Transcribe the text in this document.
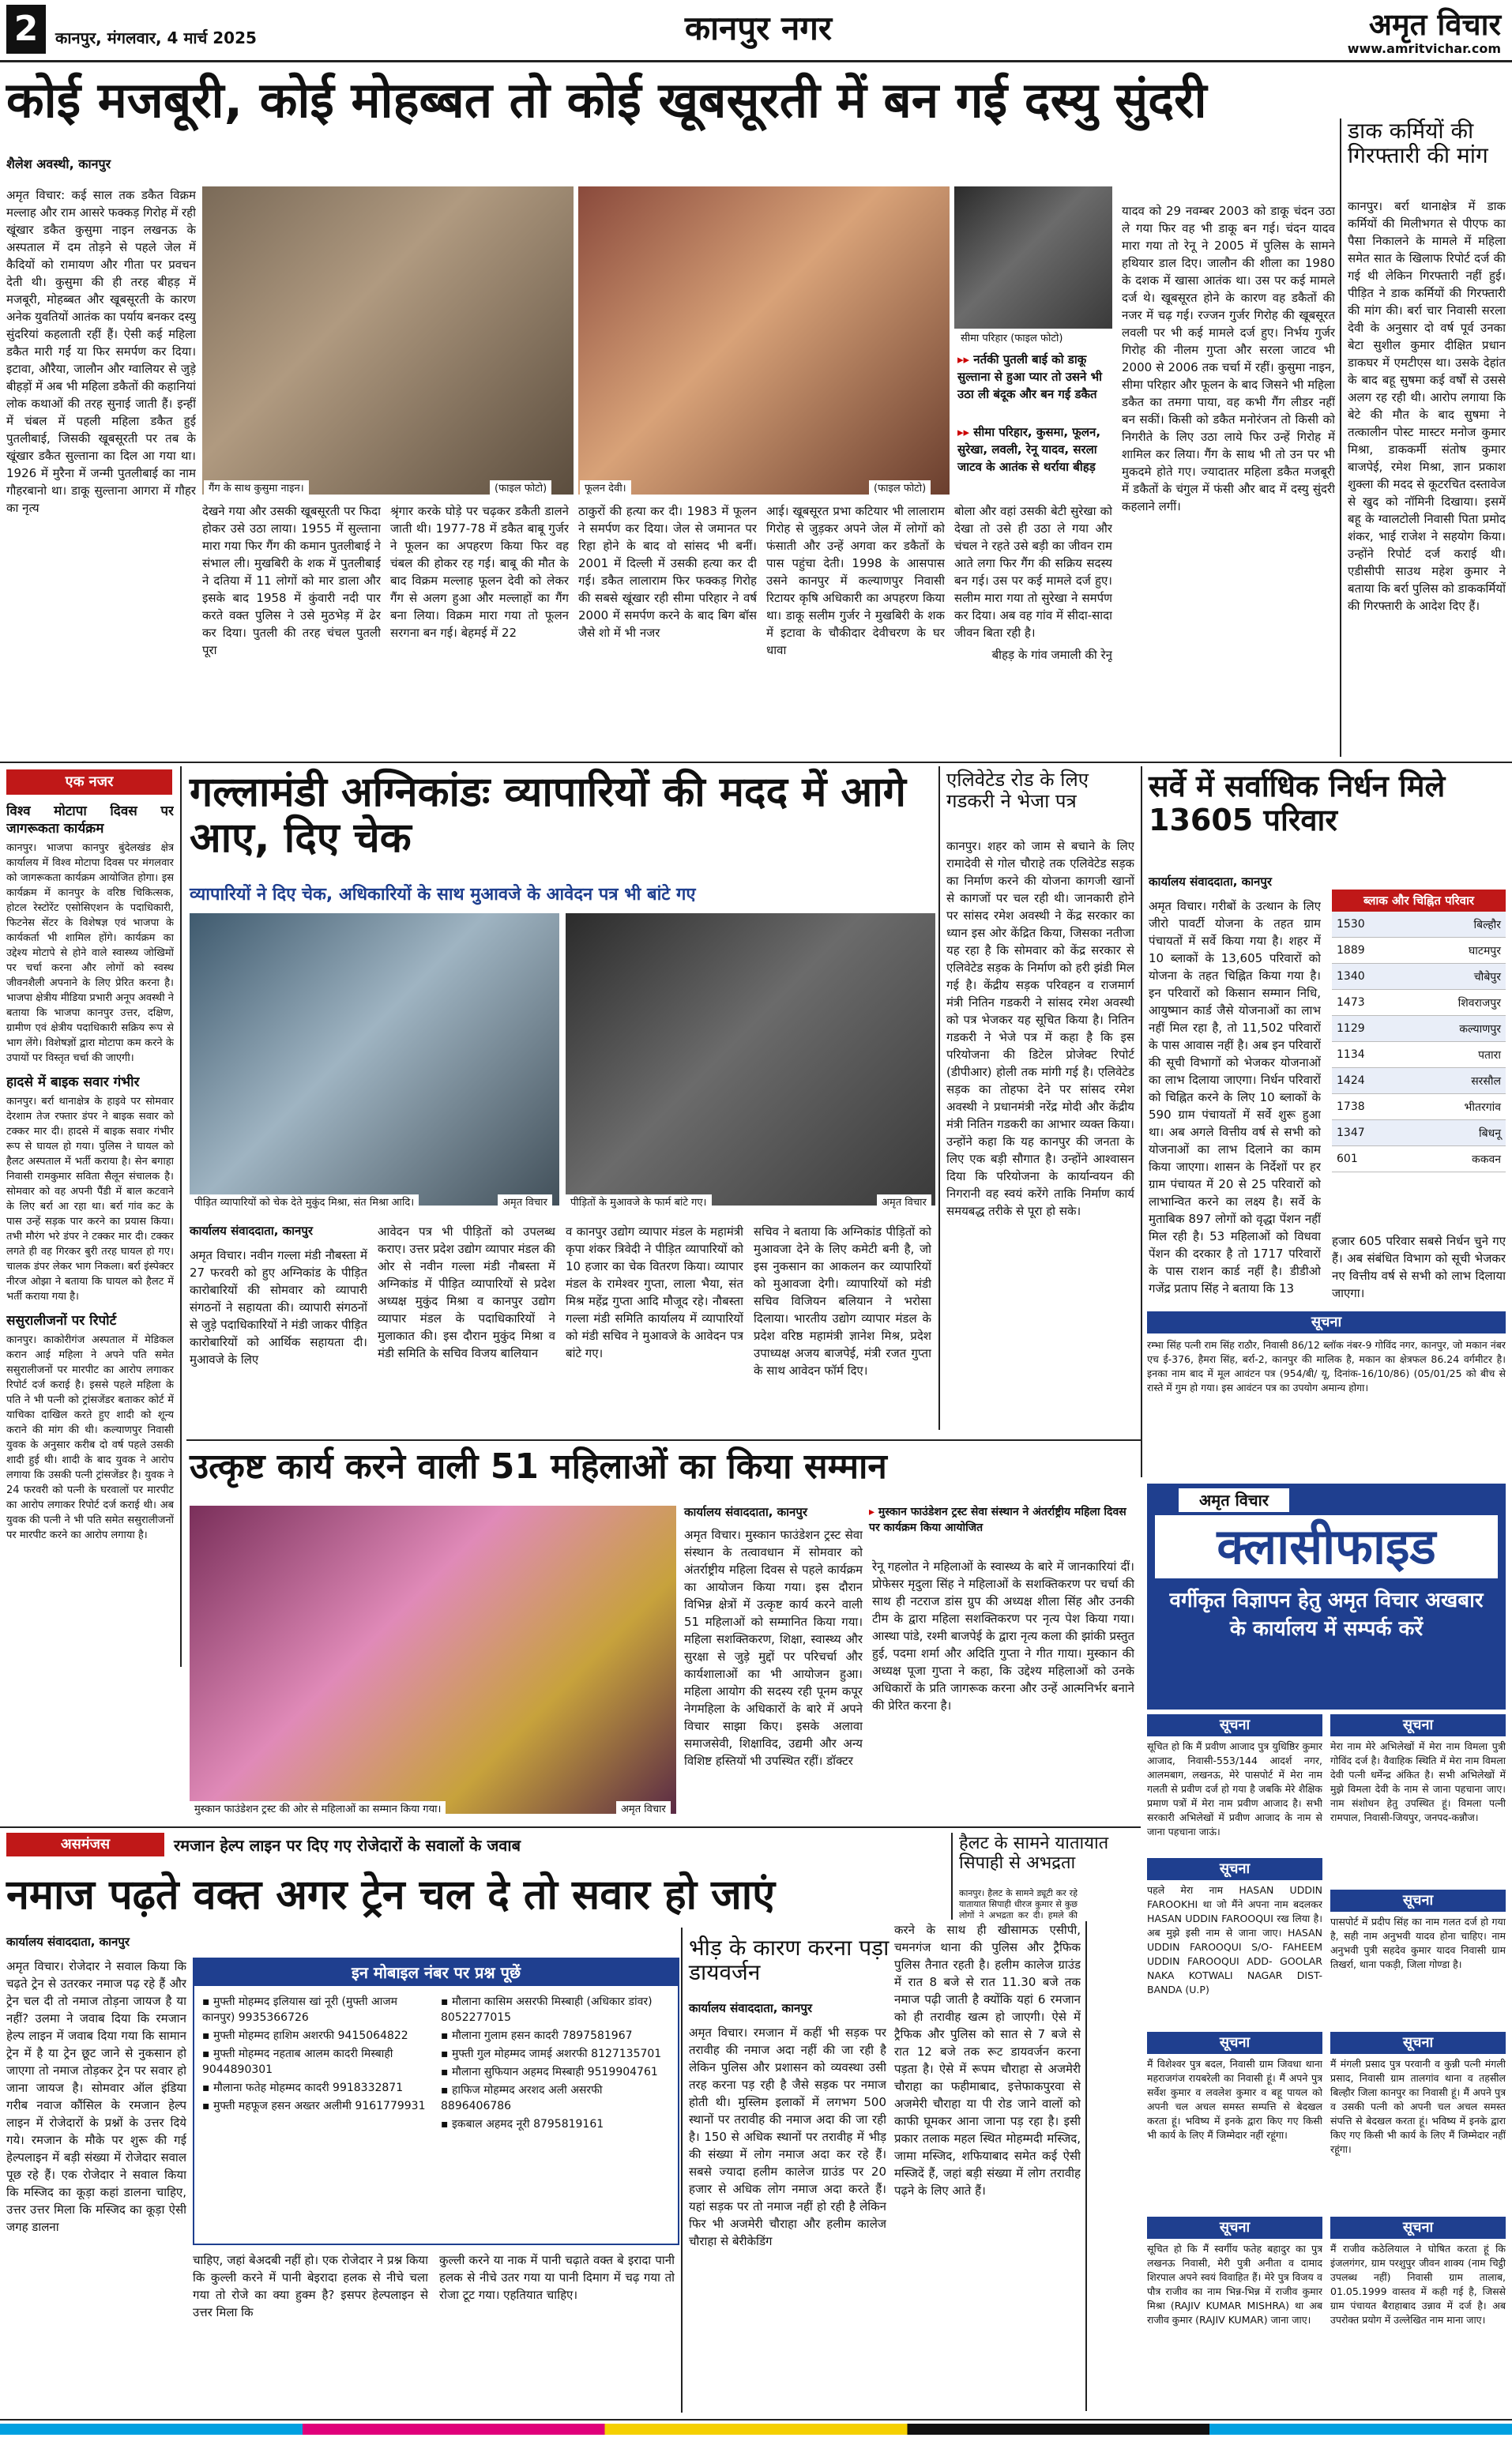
2	कानपुर, मंगलवार, 4 मार्च 2025	कानपुर नगर	अमृत विचार
www.amritvichar.com
कोई मजबूरी, कोई मोहब्बत तो कोई खूबसूरती में बन गई दस्यु सुंदरी
शैलेश अवस्थी, कानपुर
अमृत विचार: कई साल तक डकैत विक्रम मल्लाह और राम आसरे फक्कड़ गिरोह में रही खूंखार डकैत कुसुमा नाइन लखनऊ के अस्पताल में दम तोड़ने से पहले जेल में कैदियों को रामायण और गीता पर प्रवचन देती थी। कुसुमा की ही तरह बीहड़ में मजबूरी, मोहब्बत और खूबसूरती के कारण अनेक युवतियों आतंक का पर्याय बनकर दस्यु सुंदरियां कहलाती रहीं हैं। ऐसी कई महिला डकैत मारी गईं या फिर समर्पण कर दिया। इटावा, औरैया, जालौन और ग्वालियर से जुड़े बीहड़ों में अब भी महिला डकैतों की कहानियां लोक कथाओं की तरह सुनाई जाती हैं। इन्हीं में चंबल में पहली महिला डकैत हुई पुतलीबाई, जिसकी खूबसूरती पर तब के खूंखार डकैत सुल्ताना का दिल आ गया था। 1926 में मुरैना में जन्मी पुतलीबाई का नाम गौहरबानो था। डाकू सुल्ताना आगरा में गौहर का नृत्य
गैंग के साथ कुसुमा नाइन।	(फाइल फोटो)	फूलन देवी।	(फाइल फोटो)
सीमा परिहार (फाइल फोटो)
▸▸ नर्तकी पुतली बाई को डाकू सुल्ताना से हुआ प्यार तो उसने भी उठा ली बंदूक और बन गई डकैत
▸▸ सीमा परिहार, कुसमा, फूलन, सुरेखा, लवली, रेनू यादव, सरला जाटव के आतंक से थर्राया बीहड़
देखने गया और उसकी खूबसूरती पर फिदा होकर उसे उठा लाया। 1955 में सुल्ताना मारा गया फिर गैंग की कमान पुतलीबाई ने संभाल ली। मुखबिरी के शक में पुतलीबाई ने दतिया में 11 लोगों को मार डाला और इसके बाद 1958 में कुंवारी नदी पार करते वक्त पुलिस ने उसे मुठभेड़ में ढेर कर दिया। पुतली की तरह चंचल पुतली पूरा
श्रृंगार करके घोड़े पर चढ़कर डकैती डालने जाती थी। 1977-78 में डकैत बाबू गुर्जर ने फूलन का अपहरण किया फिर वह चंबल की होकर रह गई। बाबू की मौत के बाद विक्रम मल्लाह फूलन देवी को लेकर गैंग से अलग हुआ और मल्लाहों का गैंग बना लिया। विक्रम मारा गया तो फूलन सरगना बन गई। बेहमई में 22
ठाकुरों की हत्या कर दी। 1983 में फूलन ने समर्पण कर दिया। जेल से जमानत पर रिहा होने के बाद वो सांसद भी बनीं। 2001 में दिल्ली में उसकी हत्या कर दी गई। डकैत लालाराम फिर फक्कड़ गिरोह की सबसे खूंखार रही सीमा परिहार ने वर्ष 2000 में समर्पण करने के बाद बिग बॉस जैसे शो में भी नजर
आई। खूबसूरत प्रभा कटियार भी लालाराम गिरोह से जुड़कर अपने जेल में लोगों को फंसाती और उन्हें अगवा कर डकैतों के पास पहुंचा देती। 1998 के आसपास उसने कानपुर में कल्याणपुर निवासी रिटायर कृषि अधिकारी का अपहरण किया था। डाकू सलीम गुर्जर ने मुखबिरी के शक में इटावा के चौकीदार देवीचरण के घर धावा

बोला और वहां उसकी बेटी सुरेखा को देखा तो उसे ही उठा ले गया और चंचल ने रहते उसे बड़ी का जीवन राम आते लगा फिर गैंग की सक्रिय सदस्य बन गई। उस पर कई मामले दर्ज हुए। सलीम मारा गया तो सुरेखा ने समर्पण कर दिया। अब वह गांव में सीदा-सादा जीवन बिता रही है।

बीहड़ के गांव जमाली की रेनू

यादव को 29 नवम्बर 2003 को डाकू चंदन उठा ले गया फिर वह भी डाकू बन गई। चंदन यादव मारा गया तो रेनू ने 2005 में पुलिस के सामने हथियार डाल दिए। जालौन की शीला का 1980 के दशक में खासा आतंक था। उस पर कई मामले दर्ज थे। खूबसूरत होने के कारण वह डकैतों की नजर में चढ़ गई। रज्जन गुर्जर गिरोह की खूबसूरत लवली पर भी कई मामले दर्ज हुए। निर्भय गुर्जर गिरोह की नीलम गुप्ता और सरला जाटव भी 2000 से 2006 तक चर्चा में रहीं। कुसुमा नाइन, सीमा परिहार और फूलन के बाद जिसने भी महिला डकैत का तमगा पाया, वह कभी गैंग लीडर नहीं बन सकीं। किसी को डकैत मनोरंजन तो किसी को निगरीते के लिए उठा लाये फिर उन्हें गिरोह में शामिल कर लिया। गैंग के साथ भी तो उन पर भी मुकदमे होते गए। ज्यादातर महिला डकैत मजबूरी में डकैतों के चंगुल में फंसी और बाद में दस्यु सुंदरी कहलाने लगीं।
डाक कर्मियों की गिरफ्तारी की मांग
कानपुर। बर्रा थानाक्षेत्र में डाक कर्मियों की मिलीभगत से पीएफ का पैसा निकालने के मामले में महिला समेत सात के खिलाफ रिपोर्ट दर्ज की गई थी लेकिन गिरफ्तारी नहीं हुई। पीड़ित ने डाक कर्मियों की गिरफ्तारी की मांग की। बर्रा चार निवासी सरला देवी के अनुसार दो वर्ष पूर्व उनका बेटा सुशील कुमार दीक्षित प्रधान डाकघर में एमटीएस था। उसके देहांत के बाद बहू सुषमा कई वर्षों से उससे अलग रह रही थी। आरोप लगाया कि बेटे की मौत के बाद सुषमा ने तत्कालीन पोस्ट मास्टर मनोज कुमार मिश्रा, डाककर्मी संतोष कुमार बाजपेई, रमेश मिश्रा, ज्ञान प्रकाश शुक्ला की मदद से कूटरचित दस्तावेज से खुद को नॉमिनी दिखाया। इसमें बहू के ग्वालटोली निवासी पिता प्रमोद शंकर, भाई राजेश ने सहयोग किया। उन्होंने रिपोर्ट दर्ज कराई थी। एडीसीपी साउथ महेश कुमार ने बताया कि बर्रा पुलिस को डाककर्मियों की गिरफ्तारी के आदेश दिए हैं।
एक नजर
विश्व मोटापा दिवस पर जागरूकता कार्यक्रम
कानपुर। भाजपा कानपुर बुंदेलखंड क्षेत्र कार्यालय में विश्व मोटापा दिवस पर मंगलवार को जागरूकता कार्यक्रम आयोजित होगा। इस कार्यक्रम में कानपुर के वरिष्ठ चिकित्सक, होटल रेस्टोरेंट एसोसिएशन के पदाधिकारी, फिटनेस सेंटर के विशेषज्ञ एवं भाजपा के कार्यकर्ता भी शामिल होंगे। कार्यक्रम का उद्देश्य मोटापे से होने वाले स्वास्थ्य जोखिमों पर चर्चा करना और लोगों को स्वस्थ जीवनशैली अपनाने के लिए प्रेरित करना है। भाजपा क्षेत्रीय मीडिया प्रभारी अनूप अवस्थी ने बताया कि भाजपा कानपुर उत्तर, दक्षिण, ग्रामीण एवं क्षेत्रीय पदाधिकारी सक्रिय रूप से भाग लेंगे। विशेषज्ञों द्वारा मोटापा कम करने के उपायों पर विस्तृत चर्चा की जाएगी।
हादसे में बाइक सवार गंभीर
कानपुर। बर्रा थानाक्षेत्र के हाइवे पर सोमवार देरशाम तेज रफ्तार डंपर ने बाइक सवार को टक्कर मार दी। हादसे में बाइक सवार गंभीर रूप से घायल हो गया। पुलिस ने घायल को हैलट अस्पताल में भर्ती कराया है। सेन बगाहा निवासी रामकुमार सविता सैलून संचालक है। सोमवार को वह अपनी पैंडी में बाल कटवाने के लिए बर्रा आ रहा था। बर्रा गांव कट के पास उन्हें सड़क पार करने का प्रयास किया। तभी मौरंग भरे डंपर ने टक्कर मार दी। टक्कर लगते ही वह गिरकर बुरी तरह घायल हो गए। चालक डंपर लेकर भाग निकला। बर्रा इंस्पेक्टर नीरज ओझा ने बताया कि घायल को हैलट में भर्ती कराया गया है।
ससुरालीजनों पर रिपोर्ट
कानपुर। काकोरीगंज अस्पताल में मेडिकल करान आई महिला ने अपने पति समेत ससुरालीजनों पर मारपीट का आरोप लगाकर रिपोर्ट दर्ज कराई है। इससे पहले महिला के पति ने भी पत्नी को ट्रांसजेंडर बताकर कोर्ट में याचिका दाखिल करते हुए शादी को शून्य कराने की मांग की थी। कल्याणपुर निवासी युवक के अनुसार करीब दो वर्ष पहले उसकी शादी हुई थी। शादी के बाद युवक ने आरोप लगाया कि उसकी पत्नी ट्रांसजेंडर है। युवक ने 24 फरवरी को पत्नी के घरवालों पर मारपीट का आरोप लगाकर रिपोर्ट दर्ज कराई थी। अब युवक की पत्नी ने भी पति समेत ससुरालीजनों पर मारपीट करने का आरोप लगाया है।
गल्लामंडी अग्निकांडः व्यापारियों की मदद में आगे आए, दिए चेक
व्यापारियों ने दिए चेक, अधिकारियों के साथ मुआवजे के आवेदन पत्र भी बांटे गए
पीड़ित व्यापारियों को चेक देते मुकुंद मिश्रा, संत मिश्रा आदि।	अमृत विचार	पीड़ितों के मुआवजे के फार्म बांटे गए।	अमृत विचार
कार्यालय संवाददाता, कानपुर
अमृत विचार। नवीन गल्ला मंडी नौबस्ता में 27 फरवरी को हुए अग्निकांड के पीड़ित कारोबारियों की सोमवार को व्यापारी संगठनों ने सहायता की। व्यापारी संगठनों से जुड़े पदाधिकारियों ने मंडी जाकर पीड़ित कारोबारियों को आर्थिक सहायता दी। मुआवजे के लिए
आवेदन पत्र भी पीड़ितों को उपलब्ध कराए। उत्तर प्रदेश उद्योग व्यापार मंडल की ओर से नवीन गल्ला मंडी नौबस्ता में अग्निकांड में पीड़ित व्यापारियों से प्रदेश अध्यक्ष मुकुंद मिश्रा व कानपुर उद्योग व्यापार मंडल के पदाधिकारियों ने मुलाकात की। इस दौरान मुकुंद मिश्रा व मंडी समिति के सचिव विजय बालियान
व कानपुर उद्योग व्यापार मंडल के महामंत्री कृपा शंकर त्रिवेदी ने पीड़ित व्यापारियों को 10 हजार का चेक वितरण किया। व्यापार मंडल के रामेश्वर गुप्ता, लाला भैया, संत मिश्र महेंद्र गुप्ता आदि मौजूद रहे। नौबस्ता गल्ला मंडी समिति कार्यालय में व्यापारियों को मंडी सचिव ने मुआवजे के आवेदन पत्र बांटे गए।
सचिव ने बताया कि अग्निकांड पीड़ितों को मुआवजा देने के लिए कमेटी बनी है, जो इस नुकसान का आकलन कर व्यापारियों को मुआवजा देगी। व्यापारियों को मंडी सचिव विजियन बलियान ने भरोसा दिलाया। भारतीय उद्योग व्यापार मंडल के प्रदेश वरिष्ठ महामंत्री ज्ञानेश मिश्र, प्रदेश उपाध्यक्ष अजय बाजपेई, मंत्री रजत गुप्ता के साथ आवेदन फॉर्म दिए।
एलिवेटेड रोड के लिए गडकरी ने भेजा पत्र
कानपुर। शहर को जाम से बचाने के लिए रामादेवी से गोल चौराहे तक एलिवेटेड सड़क का निर्माण करने की योजना कागजी खानों से कागजों पर चल रही थी। जानकारी होने पर सांसद रमेश अवस्थी ने केंद्र सरकार का ध्यान इस ओर केंद्रित किया, जिसका नतीजा यह रहा है कि सोमवार को केंद्र सरकार से एलिवेटेड सड़क के निर्माण को हरी झंडी मिल गई है। केंद्रीय सड़क परिवहन व राजमार्ग मंत्री नितिन गडकरी ने सांसद रमेश अवस्थी को पत्र भेजकर यह सूचित किया है। नितिन गडकरी ने भेजे पत्र में कहा है कि इस परियोजना की डिटेल प्रोजेक्ट रिपोर्ट (डीपीआर) होली तक मांगी गई है। एलिवेटेड सड़क का तोहफा देने पर सांसद रमेश अवस्थी ने प्रधानमंत्री नरेंद्र मोदी और केंद्रीय मंत्री नितिन गडकरी का आभार व्यक्त किया। उन्होंने कहा कि यह कानपुर की जनता के लिए एक बड़ी सौगात है। उन्होंने आश्वासन दिया कि परियोजना के कार्यान्वयन की निगरानी वह स्वयं करेंगे ताकि निर्माण कार्य समयबद्ध तरीके से पूरा हो सके।
सर्वे में सर्वाधिक निर्धन मिले 13605 परिवार
कार्यालय संवाददाता, कानपुर
अमृत विचार। गरीबों के उत्थान के लिए जीरो पावर्टी योजना के तहत ग्राम पंचायतों में सर्वे किया गया है। शहर में 10 ब्लाकों के 13,605 परिवारों को योजना के तहत चिह्नित किया गया है। इन परिवारों को किसान सम्मान निधि, आयुष्मान कार्ड जैसे योजनाओं का लाभ नहीं मिल रहा है, तो 11,502 परिवारों के पास आवास नहीं है। अब इन परिवारों की सूची विभागों को भेजकर योजनाओं का लाभ दिलाया जाएगा। निर्धन परिवारों को चिह्नित करने के लिए 10 ब्लाकों के 590 ग्राम पंचायतों में सर्वे शुरू हुआ था। अब अगले वित्तीय वर्ष से सभी को योजनाओं का लाभ दिलाने का काम किया जाएगा। शासन के निर्देशों पर हर ग्राम पंचायत में 20 से 25 परिवारों को लाभान्वित करने का लक्ष्य है। सर्वे के मुताबिक 897 लोगों को वृद्धा पेंशन नहीं मिल रही है। 53 महिलाओं को विधवा पेंशन की दरकार है तो 1717 परिवारों के पास राशन कार्ड नहीं है। डीडीओ गजेंद्र प्रताप सिंह ने बताया कि 13
ब्लाक और चिह्नित परिवार
1530	बिल्हौर
1889	घाटमपुर
1340	चौबेपुर
1473	शिवराजपुर
1129	कल्याणपुर
1134	पतारा
1424	सरसौल
1738	भीतरगांव
1347	बिधनू
601	ककवन
हजार 605 परिवार सबसे निर्धन चुने गए हैं। अब संबंधित विभाग को सूची भेजकर नए वित्तीय वर्ष से सभी को लाभ दिलाया जाएगा।
सूचना
रम्भा सिंह पत्नी राम सिंह राठौर, निवासी 86/12 ब्लॉक नंबर-9 गोविंद नगर, कानपुर, जो मकान नंबर एच ई-376, हैमरा सिंह, बर्रा-2, कानपुर की मालिक है, मकान का क्षेत्रफल 86.24 वर्गमीटर है। इनका नाम बाद में मूल आवंटन पत्र (954/बी/ यू, दिनांक-16/10/86) (05/01/25 को बीच से रास्ते में गुम हो गया। इस आवंटन पत्र का उपयोग अमान्य होगा।
उत्कृष्ट कार्य करने वाली 51 महिलाओं का किया सम्मान
मुस्कान फाउंडेशन ट्रस्ट की ओर से महिलाओं का सम्मान किया गया।	अमृत विचार
कार्यालय संवाददाता, कानपुर	▸ मुस्कान फाउंडेशन ट्रस्ट सेवा संस्थान ने अंतर्राष्ट्रीय महिला दिवस पर कार्यक्रम किया आयोजित
अमृत विचार। मुस्कान फाउंडेशन ट्रस्ट सेवा संस्थान के तत्वावधान में सोमवार को अंतर्राष्ट्रीय महिला दिवस से पहले कार्यक्रम का आयोजन किया गया। इस दौरान विभिन्न क्षेत्रों में उत्कृष्ट कार्य करने वाली 51 महिलाओं को सम्मानित किया गया। महिला सशक्तिकरण, शिक्षा, स्वास्थ्य और सुरक्षा से जुड़े मुद्दों पर परिचर्चा और कार्यशालाओं का भी आयोजन हुआ। महिला आयोग की सदस्य रही पूनम कपूर नेगमहिला के अधिकारों के बारे में अपने विचार साझा किए। इसके अलावा समाजसेवी, शिक्षाविद, उद्यमी और अन्य विशिष्ट हस्तियों भी उपस्थित रहीं। डॉक्टर
रेनू गहलोत ने महिलाओं के स्वास्थ्य के बारे में जानकारियां दीं। प्रोफेसर मृदुला सिंह ने महिलाओं के सशक्तिकरण पर चर्चा की साथ ही नटराज डांस ग्रुप की अध्यक्ष शीला सिंह और उनकी टीम के द्वारा महिला सशक्तिकरण पर नृत्य पेश किया गया। आस्था पांडे, रश्मी बाजपेई के द्वारा नृत्य कला की झांकी प्रस्तुत हुई, पदमा शर्मा और अदिति गुप्ता ने गीत गाया। मुस्कान की अध्यक्ष पूजा गुप्ता ने कहा, कि उद्देश्य महिलाओं को उनके अधिकारों के प्रति जागरूक करना और उन्हें आत्मनिर्भर बनाने की प्रेरित करना है।
अमृत विचार
क्लासीफाइड
वर्गीकृत विज्ञापन हेतु अमृत विचार अखबार के कार्यालय में सम्पर्क करें
सूचना
सूचित हो कि मैं प्रवीण आजाद पुत्र युधिष्ठिर कुमार आजाद, निवासी-553/144 आदर्श नगर, आलमबाग, लखनऊ, मेरे पासपोर्ट में मेरा नाम गलती से प्रवीण दर्ज हो गया है जबकि मेरे शैक्षिक प्रमाण पत्रों में मेरा नाम प्रवीण आजाद है। सभी सरकारी अभिलेखों में प्रवीण आजाद के नाम से जाना पहचाना जाऊं।
सूचना
मेरा नाम मेरे अभिलेखों में मेरा नाम विमला पुत्री गोविंद दर्ज है। वैवाहिक स्थिति में मेरा नाम विमला देवी पत्नी धर्मेन्द्र अंकित है। सभी अभिलेखों में मुझे विमला देवी के नाम से जाना पहचाना जाए। नाम संशोधन हेतु उपस्थित हूं। विमला पत्नी रामपाल, निवासी-जियपुर, जनपद-कन्नौज।
सूचना
पहले मेरा नाम HASAN UDDIN FAROOKHI था जो मैंने अपना नाम बदलकर HASAN UDDIN FAROOQUI रख लिया है। अब मुझे इसी नाम से जाना जाए। HASAN UDDIN FAROOQUI S/O- FAHEEM UDDIN FAROOQUI ADD- GOOLAR NAKA KOTWALI NAGAR DIST-BANDA (U.P)
सूचना
पासपोर्ट में प्रदीप सिंह का नाम गलत दर्ज हो गया है, सही नाम अनुभवी यादव होना चाहिए। नाम अनुभवी पुत्री सहदेव कुमार यादव निवासी ग्राम तिखर्रा, थाना पकड़ी, जिला गोण्डा है।
सूचना
मैं विशेश्वर पुत्र बदल, निवासी ग्राम जिवधा थाना महराजगंज रायबरेली का निवासी हूं। मैं अपने पुत्र सर्वेश कुमार व लवलेश कुमार व बहू पायल को अपनी चल अचल समस्त सम्पत्ति से बेदखल करता हूं। भविष्य में इनके द्वारा किए गए किसी भी कार्य के लिए मैं जिम्मेदार नहीं रहूंगा।
सूचना
मैं मंगली प्रसाद पुत्र परवानी व कुन्नी पत्नी मंगली प्रसाद, निवासी ग्राम तालगांव थाना व तहसील बिल्हौर जिला कानपुर का निवासी हूं। मैं अपने पुत्र व उसकी पत्नी को अपनी चल अचल समस्त संपत्ति से बेदखल करता हूं। भविष्य में इनके द्वारा किए गए किसी भी कार्य के लिए मैं जिम्मेदार नहीं रहूंगा।
सूचना
सूचित हो कि मैं स्वर्गीय फतेह बहादुर का पुत्र लखनऊ निवासी, मेरी पुत्री अनीता व दामाद शिरपाल अपने स्वयं विवाहित हैं। मेरे पुत्र विजय व पौत्र राजीव का नाम भिन्न-भिन्न में राजीव कुमार मिश्रा (RAJIV KUMAR MISHRA) था अब राजीव कुमार (RAJIV KUMAR) जाना जाए।
सूचना
मैं राजीव कठेलियाल ने घोषित करता हूं कि इंजलगंगर, ग्राम परशुपुर जीवन शाक्य (नाम चिट्ठी उपलब्ध नहीं) निवासी ग्राम तालाब, 01.05.1999 वास्तव में कही गई है, जिससे ग्राम पंचायत बैराहाबाद उन्नाव में दर्ज है। अब उपरोक्त प्रयोग में उल्लेखित नाम माना जाए।
असमंजस	रमजान हेल्प लाइन पर दिए गए रोजेदारों के सवालों के जवाब
नमाज पढ़ते वक्त अगर ट्रेन चल दे तो सवार हो जाएं
कार्यालय संवाददाता, कानपुर
अमृत विचार। रोजेदार ने सवाल किया कि चढ़ते ट्रेन से उतरकर नमाज पढ़ रहे हैं और ट्रेन चल दी तो नमाज तोड़ना जायज है या नहीं? उलमा ने जवाब दिया कि रमजान हेल्प लाइन में जवाब दिया गया कि सामान ट्रेन में है या ट्रेन छूट जाने से नुकसान हो जाएगा तो नमाज तोड़कर ट्रेन पर सवार हो जाना जायज है। सोमवार ऑल इंडिया गरीब नवाज कौंसिल के रमजान हेल्प लाइन में रोजेदारों के प्रश्नों के उत्तर दिये गये। रमजान के मौके पर शुरू की गई हेल्पलाइन में बड़ी संख्या में रोजेदार सवाल पूछ रहे हैं। एक रोजेदार ने सवाल किया कि मस्जिद का कूड़ा कहां डालना चाहिए, उत्तर उत्तर मिला कि मस्जिद का कूड़ा ऐसी जगह डालना
इन मोबाइल नंबर पर प्रश्न पूछें
▪ मुफ्ती मोहम्मद इलियास खां नूरी (मुफ्ती आजम कानपुर) 9935366726
▪ मुफ्ती मोहम्मद हाशिम अशरफी 9415064822
▪ मुफ्ती मोहम्मद नहताब आलम कादरी मिस्बाही 9044890301
▪ मौलाना फतेह मोहम्मद कादरी 9918332871
▪ मुफ्ती महफूज हसन अख्तर अलीमी 9161779931
▪ मौलाना कासिम असरफी मिस्बाही (अधिकार डांवर) 8052277015
▪ मौलाना गुलाम हसन कादरी 7897581967
▪ मुफ्ती गुल मोहम्मद जामई अशरफी 8127135701
▪ मौलाना सुफियान अहमद मिस्बाही 9519904761
▪ हाफिज मोहम्मद अरशद अली असरफी 8896406786
▪ इकबाल अहमद नूरी 8795819161
चाहिए, जहां बेअदबी नहीं हो। एक रोजेदार ने प्रश्न किया कि कुल्ली करने में पानी बेइरादा हलक से नीचे चला गया तो रोजे का क्या हुक्म है? इसपर हेल्पलाइन से उत्तर मिला कि
कुल्ली करने या नाक में पानी चढ़ाते वक्त बे इरादा पानी हलक से नीचे उतर गया या पानी दिमाग में चढ़ गया तो रोजा टूट गया। एहतियात चाहिए।
भीड़ के कारण करना पड़ा डायवर्जन
कार्यालय संवाददाता, कानपुर
अमृत विचार। रमजान में कहीं भी सड़क पर तरावीह की नमाज अदा नहीं की जा रही है लेकिन पुलिस और प्रशासन को व्यवस्था उसी तरह करना पड़ रही है जैसे सड़क पर नमाज होती थी। मुस्लिम इलाकों में लगभग 500 स्थानों पर तरावीह की नमाज अदा की जा रही है। 150 से अधिक स्थानों पर तरावीह में भीड़ की संख्या में लोग नमाज अदा कर रहे हैं। सबसे ज्यादा हलीम कालेज ग्राउंड पर 20 हजार से अधिक लोग नमाज अदा करते हैं। यहां सड़क पर तो नमाज नहीं हो रही है लेकिन फिर भी अजमेरी चौराहा और हलीम कालेज चौराहा से बेरीकेडिंग
करने के साथ ही खीसामऊ एसीपी, चमनगंज थाना की पुलिस और ट्रैफिक पुलिस तैनात रहती है। हलीम कालेज ग्राउंड में रात 8 बजे से रात 11.30 बजे तक नमाज पढ़ी जाती है क्योंकि यहां 6 रमजान को ही तरावीह खत्म हो जाएगी। ऐसे में ट्रैफिक और पुलिस को सात से 7 बजे से रात 12 बजे तक रूट डायवर्जन करना पड़ता है। ऐसे में रूपम चौराहा से अजमेरी चौराहा का फहीमाबाद, इत्तेफाकपुरवा से अजमेरी चौराहा या पी रोड जाने वालों को काफी घूमकर आना जाना पड़ रहा है। इसी प्रकार तलाक महल स्थित मोहम्मदी मस्जिद, जामा मस्जिद, शफियाबाद समेत कई ऐसी मस्जिदें हैं, जहां बड़ी संख्या में लोग तरावीह पढ़ने के लिए आते हैं।
हैलट के सामने यातायात सिपाही से अभद्रता
कानपुर। हैलट के सामने ड्यूटी कर रहे यातायात सिपाही धीरज कुमार से कुछ लोगों ने अभद्रता कर दी। हमले की
